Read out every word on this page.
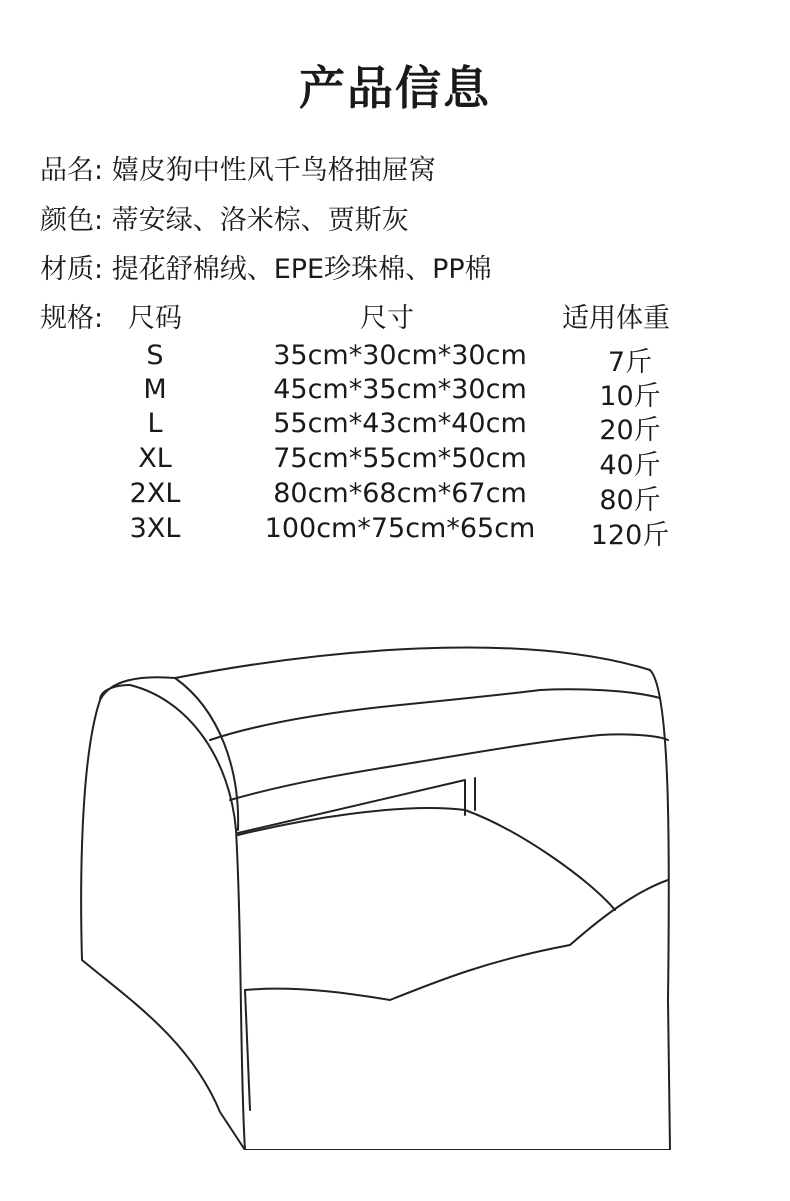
产品信息
品名: 嬉皮狗中性风千鸟格抽屉窝
颜色: 蒂安绿、洛米棕、贾斯灰
材质: 提花舒棉绒、EPE珍珠棉、PP棉
规格: 尺码	尺寸	适用体重
S	35cm*30cm*30cm	7斤
M	45cm*35cm*30cm	10斤
L	55cm*43cm*40cm	20斤
XL	75cm*55cm*50cm	40斤
2XL	80cm*68cm*67cm	80斤
3XL	100cm*75cm*65cm	120斤
